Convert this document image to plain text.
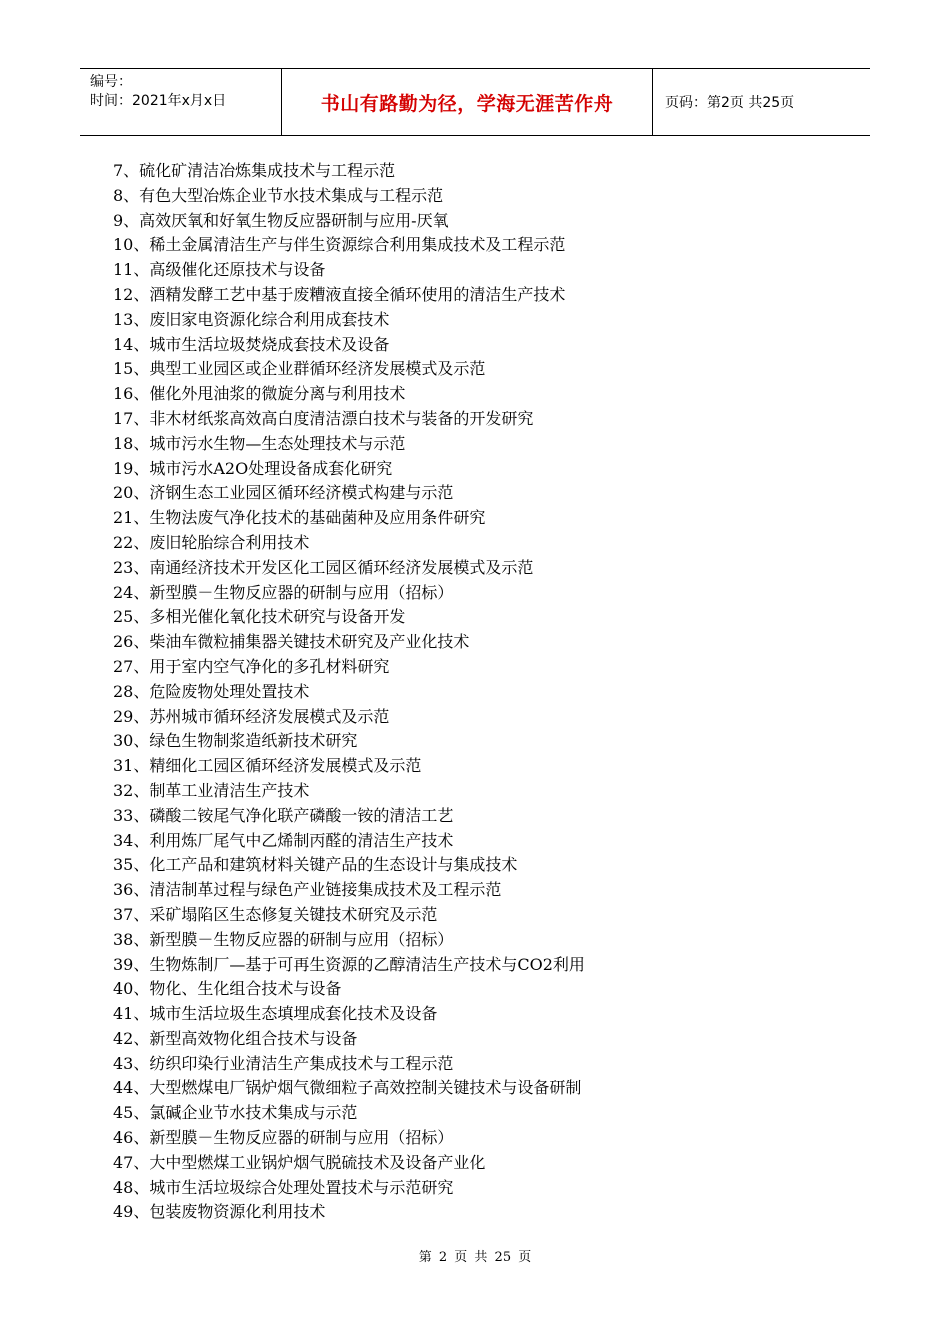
编号：
时间：2021年x月x日	书山有路勤为径，学海无涯苦作舟	页码：第2页 共25页
7、硫化矿清洁冶炼集成技术与工程示范
8、有色大型冶炼企业节水技术集成与工程示范
9、高效厌氧和好氧生物反应器研制与应用-厌氧
10、稀土金属清洁生产与伴生资源综合利用集成技术及工程示范
11、高级催化还原技术与设备
12、酒精发酵工艺中基于废糟液直接全循环使用的清洁生产技术
13、废旧家电资源化综合利用成套技术
14、城市生活垃圾焚烧成套技术及设备
15、典型工业园区或企业群循环经济发展模式及示范
16、催化外甩油浆的微旋分离与利用技术
17、非木材纸浆高效高白度清洁漂白技术与装备的开发研究
18、城市污水生物—生态处理技术与示范
19、城市污水A2O处理设备成套化研究
20、济钢生态工业园区循环经济模式构建与示范
21、生物法废气净化技术的基础菌种及应用条件研究
22、废旧轮胎综合利用技术
23、南通经济技术开发区化工园区循环经济发展模式及示范
24、新型膜－生物反应器的研制与应用（招标）
25、多相光催化氧化技术研究与设备开发
26、柴油车微粒捕集器关键技术研究及产业化技术
27、用于室内空气净化的多孔材料研究
28、危险废物处理处置技术
29、苏州城市循环经济发展模式及示范
30、绿色生物制浆造纸新技术研究
31、精细化工园区循环经济发展模式及示范
32、制革工业清洁生产技术
33、磷酸二铵尾气净化联产磷酸一铵的清洁工艺
34、利用炼厂尾气中乙烯制丙醛的清洁生产技术
35、化工产品和建筑材料关键产品的生态设计与集成技术
36、清洁制革过程与绿色产业链接集成技术及工程示范
37、采矿塌陷区生态修复关键技术研究及示范
38、新型膜－生物反应器的研制与应用（招标）
39、生物炼制厂—基于可再生资源的乙醇清洁生产技术与CO2利用
40、物化、生化组合技术与设备
41、城市生活垃圾生态填埋成套化技术及设备
42、新型高效物化组合技术与设备
43、纺织印染行业清洁生产集成技术与工程示范
44、大型燃煤电厂锅炉烟气微细粒子高效控制关键技术与设备研制
45、氯碱企业节水技术集成与示范
46、新型膜－生物反应器的研制与应用（招标）
47、大中型燃煤工业锅炉烟气脱硫技术及设备产业化
48、城市生活垃圾综合处理处置技术与示范研究
49、包装废物资源化利用技术
第 2 页 共 25 页
